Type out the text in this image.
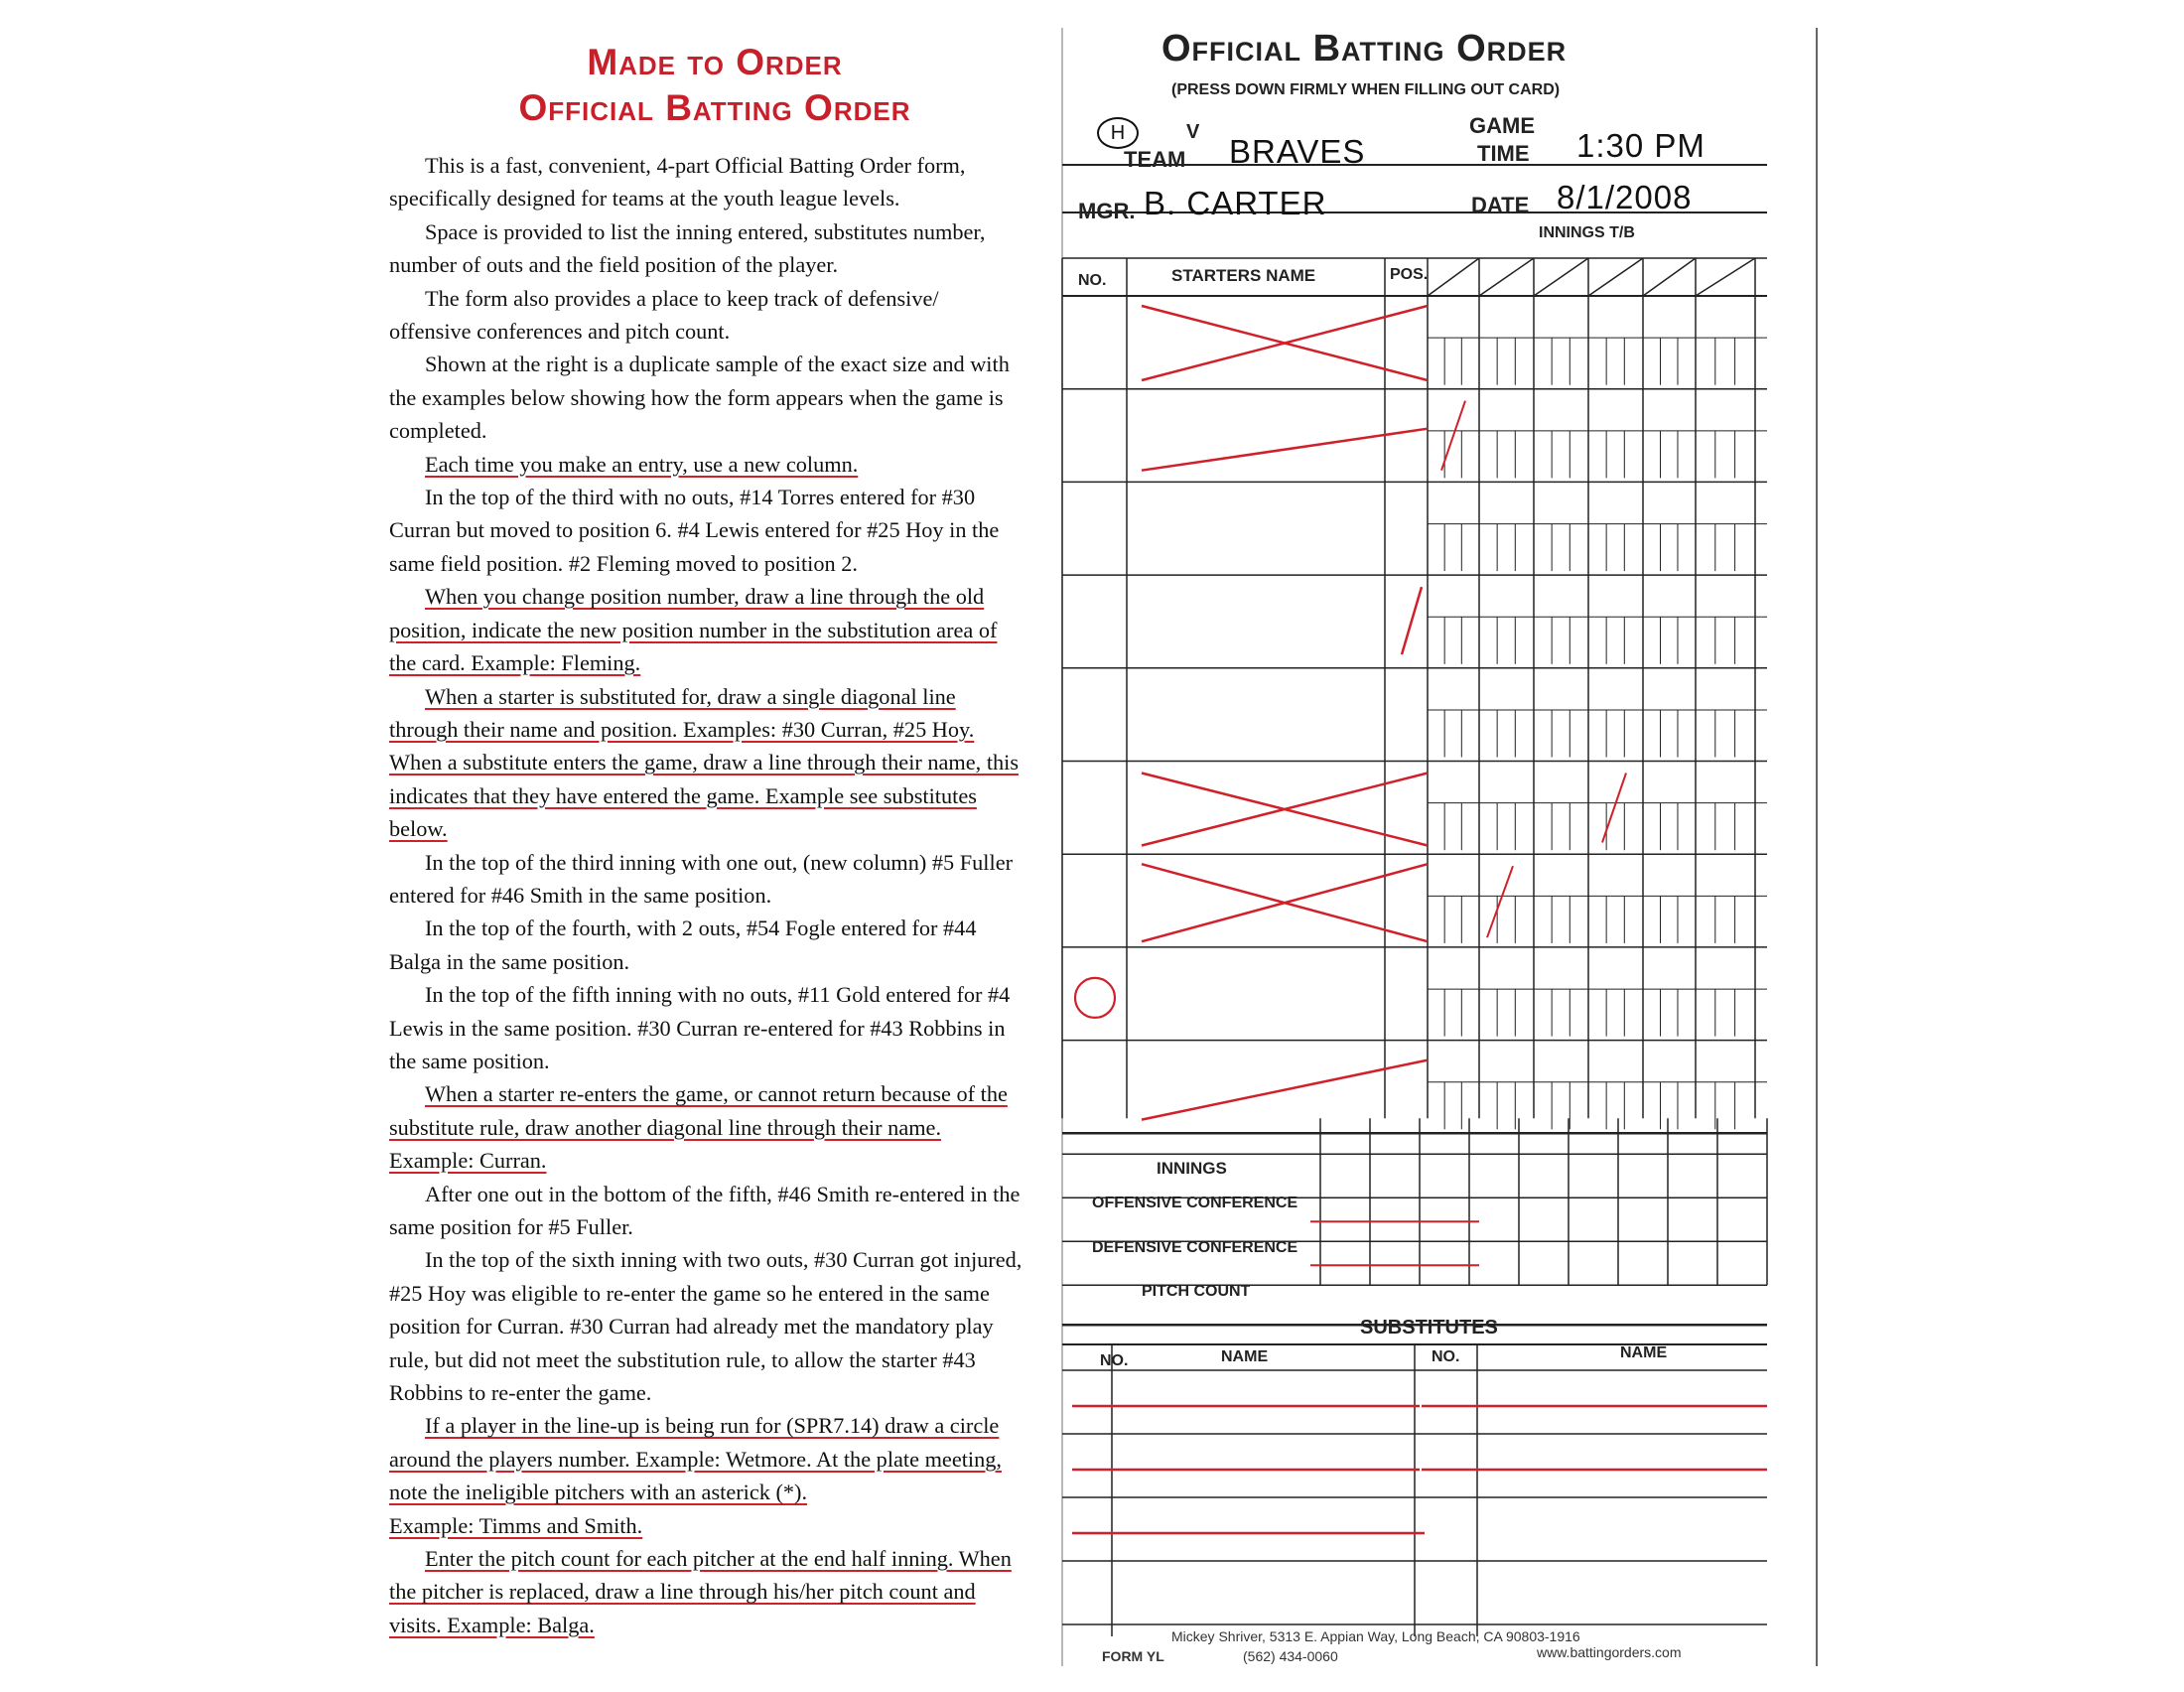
Made to Order
Official Batting Order

This is a fast, convenient, 4-part Official Batting Order form, specifically designed for teams at the youth league levels.

Space is provided to list the inning entered, substitutes number, number of outs and the field position of the player.

The form also provides a place to keep track of defensive/ offensive conferences and pitch count.

Shown at the right is a duplicate sample of the exact size and with the examples below showing how the form appears when the game is completed.

Each time you make an entry, use a new column.

In the top of the third with no outs, #14 Torres entered for #30 Curran but moved to position 6. #4 Lewis entered for #25 Hoy in the same field position. #2 Fleming moved to position 2.

When you change position number, draw a line through the old position, indicate the new position number in the substitution area of the card. Example: Fleming.

When a starter is substituted for, draw a single diagonal line through their name and position. Examples: #30 Curran, #25 Hoy. When a substitute enters the game, draw a line through their name, this indicates that they have entered the game. Example see substitutes below.

In the top of the third inning with one out, (new column) #5 Fuller entered for #46 Smith in the same position.

In the top of the fourth, with 2 outs, #54 Fogle entered for #44 Balga in the same position.

In the top of the fifth inning with no outs, #11 Gold entered for #4 Lewis in the same position. #30 Curran re-entered for #43 Robbins in the same position.

When a starter re-enters the game, or cannot return because of the substitute rule, draw another diagonal line through their name. Example: Curran.

After one out in the bottom of the fifth, #46 Smith re-entered in the same position for #5 Fuller.

In the top of the sixth inning with two outs, #30 Curran got injured, #25 Hoy was eligible to re-enter the game so he entered in the same position for Curran. #30 Curran had already met the mandatory play rule, but did not meet the substitution rule, to allow the starter #43 Robbins to re-enter the game.

If a player in the line-up is being run for (SPR7.14) draw a circle around the players number. Example: Wetmore. At the plate meeting, note the ineligible pitchers with an asterick (*).

Example: Timms and Smith.

Enter the pitch count for each pitcher at the end half inning. When the pitcher is replaced, draw a line through his/her pitch count and visits. Example: Balga.

Official Batting Order
(PRESS DOWN FIRMLY WHEN FILLING OUT CARD)
H	V
TEAM BRAVES
GAME
TIME 1:30 PM
MGR. B. CARTER	DATE 8/1/2008
INNINGS T/B
NO.	STARTERS NAME	POS.
INNINGS
OFFENSIVE CONFERENCE
DEFENSIVE CONFERENCE
PITCH COUNT
SUBSTITUTES
NO.	NAME	NO.	NAME
Mickey Shriver, 5313 E. Appian Way, Long Beach, CA 90803-1916
FORM YL	(562) 434-0060	www.battingorders.com
